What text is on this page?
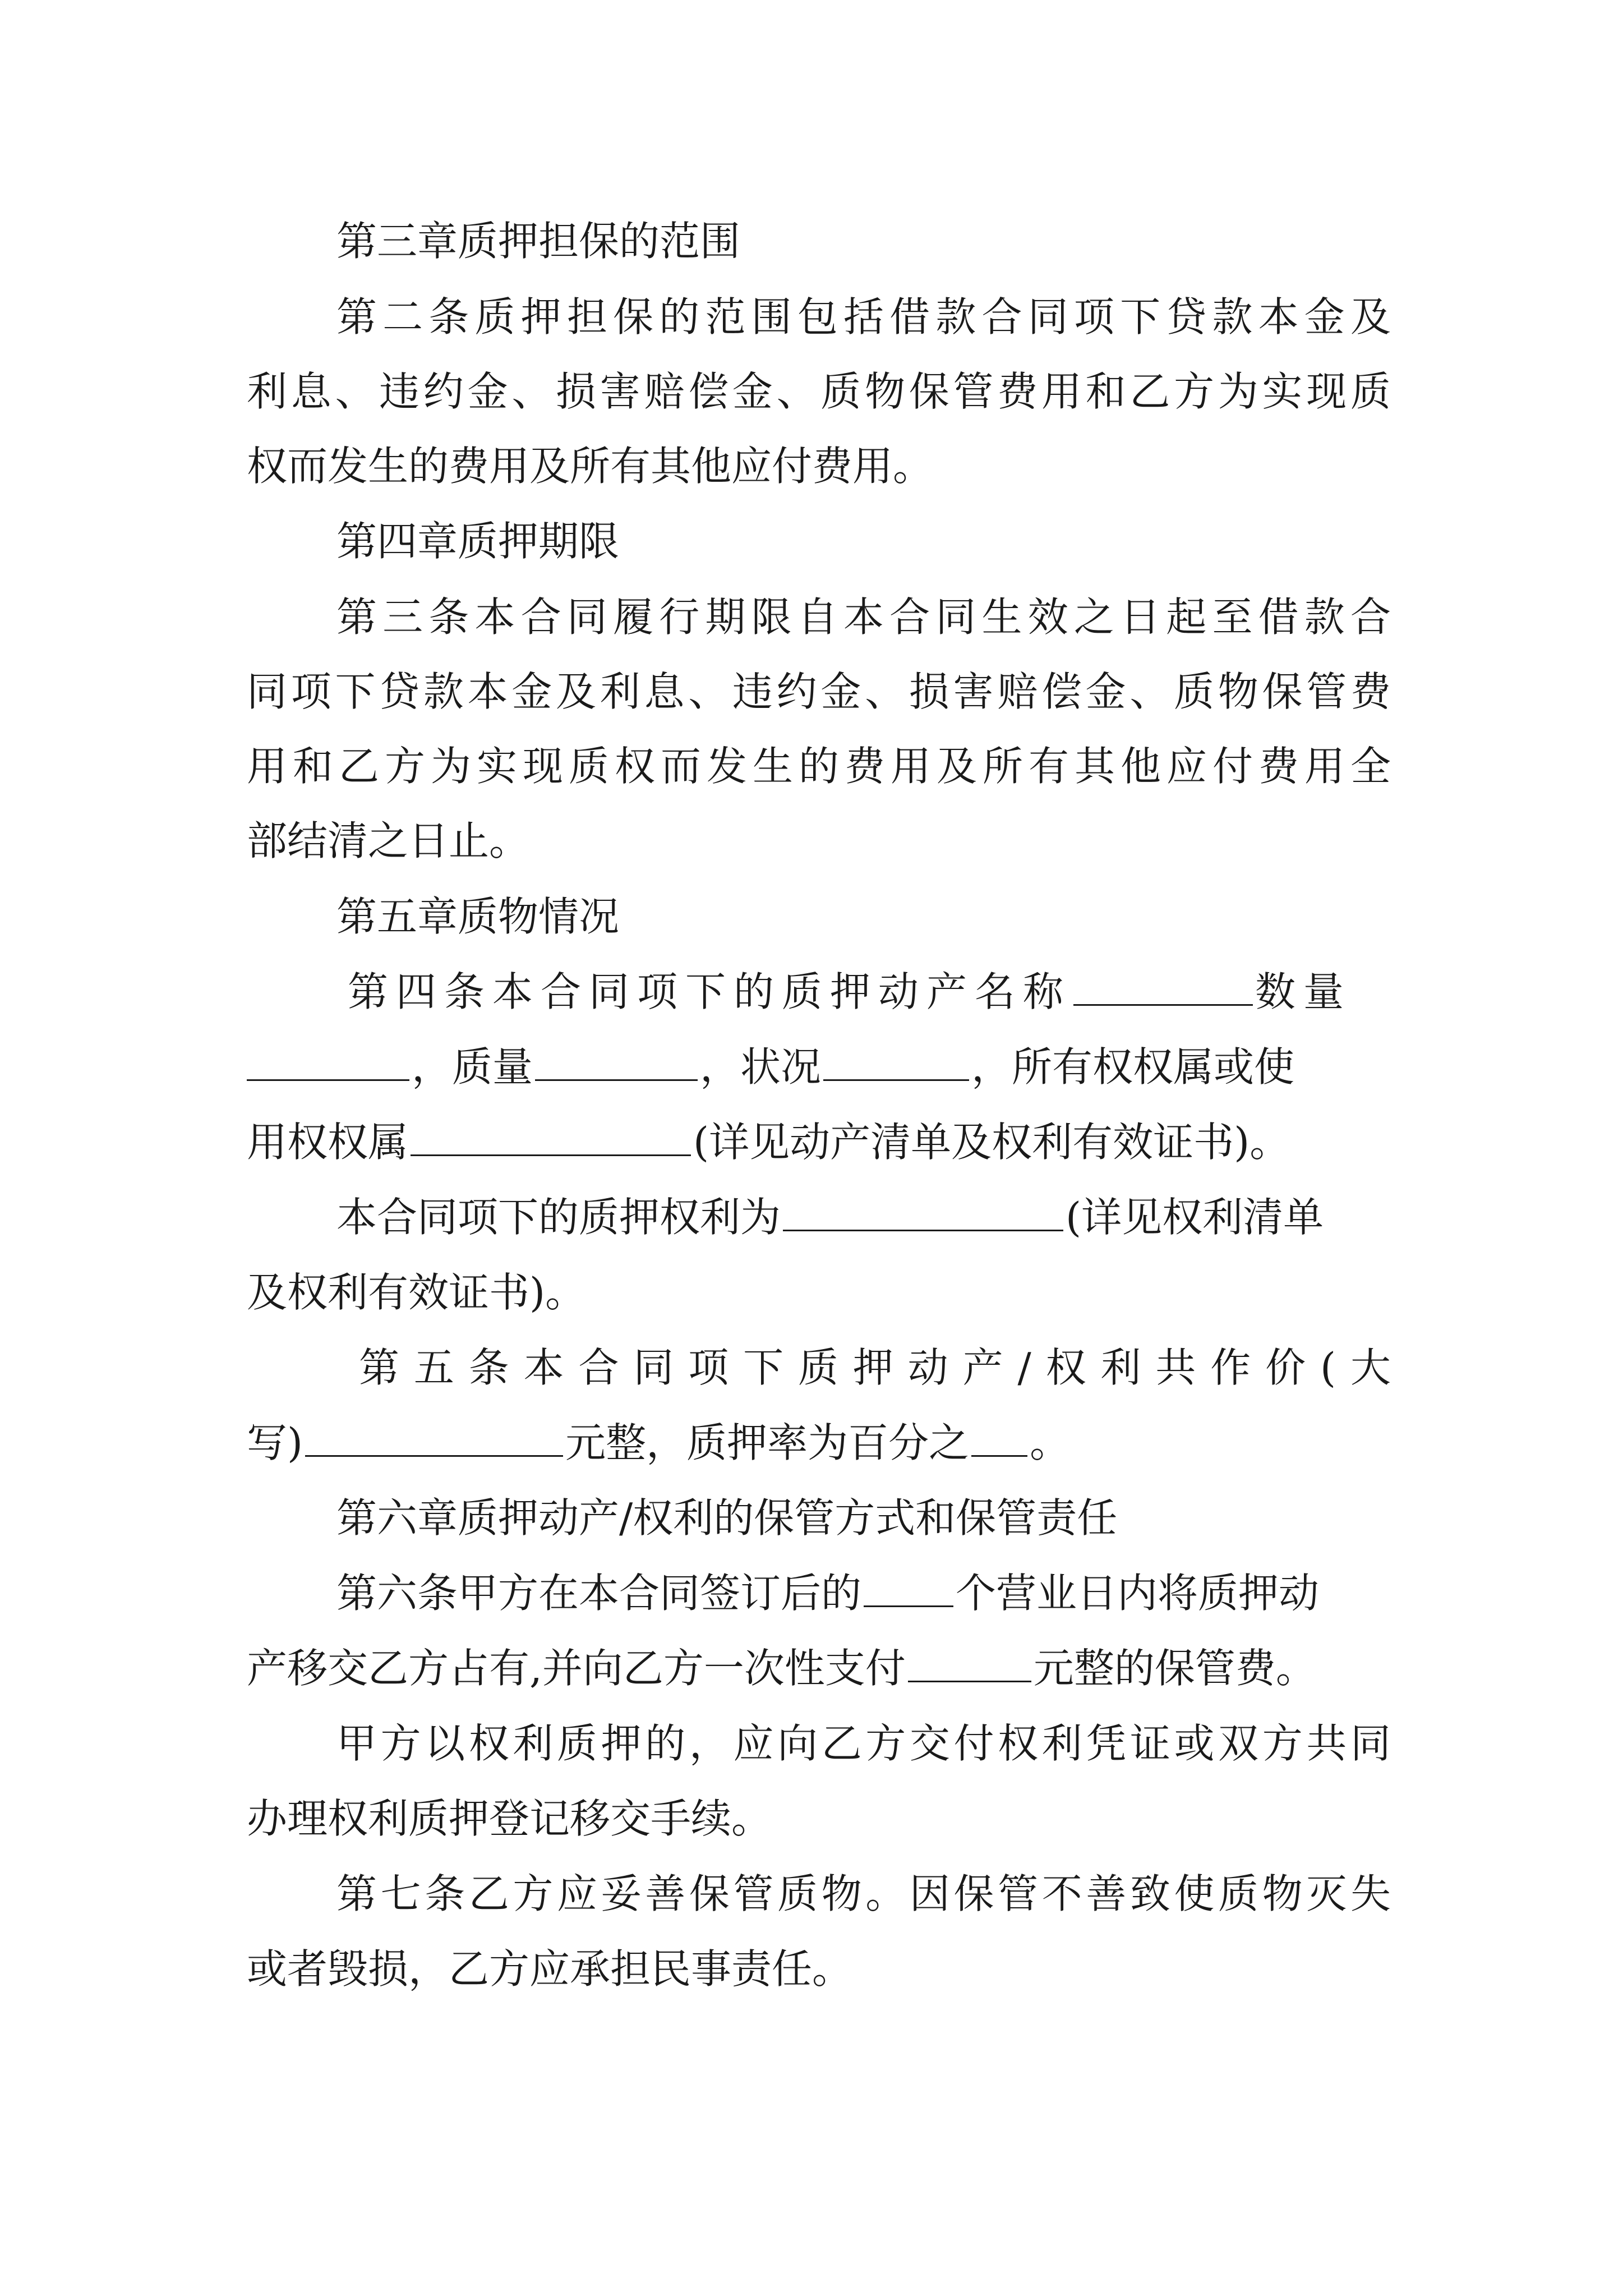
第三章质押担保的范围
第二条质押担保的范围包括借款合同项下贷款本金及
利息、违约金、损害赔偿金、质物保管费用和乙方为实现质
权而发生的费用及所有其他应付费用。
第四章质押期限
第三条本合同履行期限自本合同生效之日起至借款合
同项下贷款本金及利息、违约金、损害赔偿金、质物保管费
用和乙方为实现质权而发生的费用及所有其他应付费用全
部结清之日止。
第五章质物情况
第四条本合同项下的质押动产名称	数量
，质量	，状况	，所有权权属或使
用权权属	(详见动产清单及权利有效证书)。
本合同项下的质押权利为	(详见权利清单
及权利有效证书)。
第五条本合同项下质押动产/权利共作价(大
写)	元整，质押率为百分之 。
第六章质押动产/权利的保管方式和保管责任
第六条甲方在本合同签订后的 个营业日内将质押动
产移交乙方占有,并向乙方一次性支付	元整的保管费。
甲方以权利质押的，应向乙方交付权利凭证或双方共同
办理权利质押登记移交手续。
第七条乙方应妥善保管质物。因保管不善致使质物灭失
或者毁损，乙方应承担民事责任。
